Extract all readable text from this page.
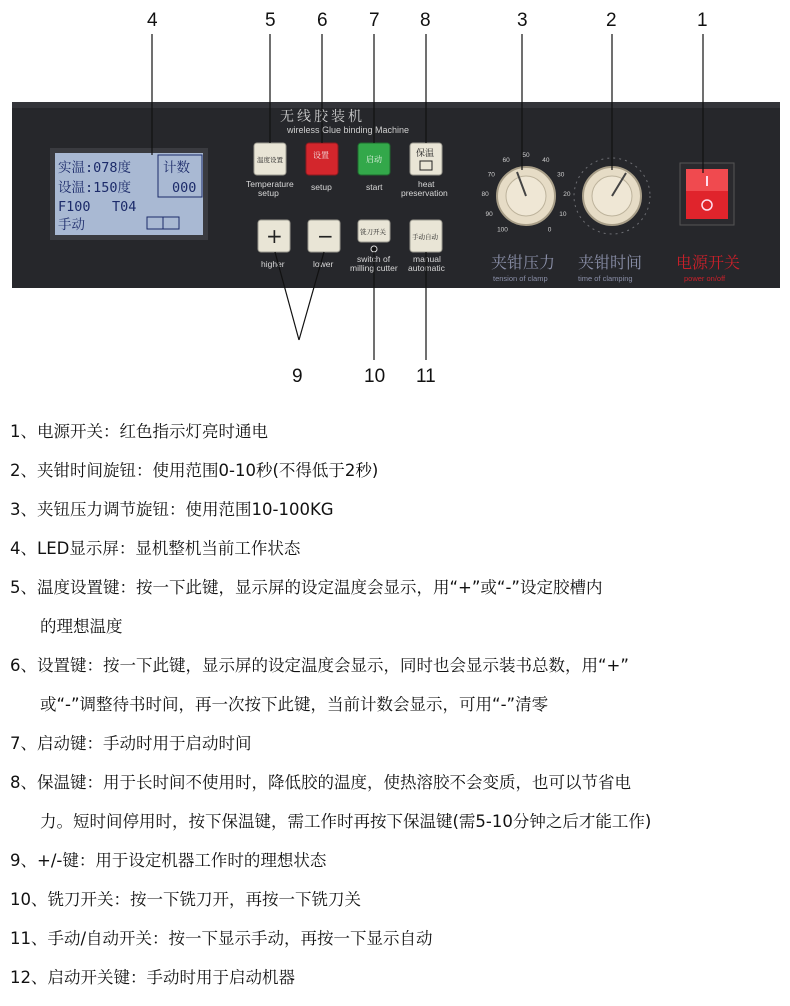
4	5 6 7 8	3	2	1
9	10 11
无线胶装机
wireless Glue binding Machine
实温:078度 计数
设温:150度	000
F100 T04
手动
温度设置
Temperature
setup
设置
setup
启动
start
保温
heat
preservation
+
higher
−
lower
铣刀开关
switch of
milling cutter
手动自动
manual
automatic
100
90
80
70
60
50
40
30
20
10
0
夹钳压力
tension of clamp
夹钳时间
time of clamping
电源开关
power on/off
1、电源开关：红色指示灯亮时通电
2、夹钳时间旋钮：使用范围0-10秒(不得低于2秒)
3、夹钮压力调节旋钮：使用范围10-100KG
4、LED显示屏：显机整机当前工作状态
5、温度设置键：按一下此键，显示屏的设定温度会显示，用“+”或“-”设定胶槽内
的理想温度
6、设置键：按一下此键，显示屏的设定温度会显示，同时也会显示装书总数，用“+”
或“-”调整待书时间，再一次按下此键，当前计数会显示，可用“-”清零
7、启动键：手动时用于启动时间
8、保温键：用于长时间不使用时，降低胶的温度，使热溶胶不会变质，也可以节省电
力。短时间停用时，按下保温键，需工作时再按下保温键(需5-10分钟之后才能工作)
9、+/-键：用于设定机器工作时的理想状态
10、铣刀开关：按一下铣刀开，再按一下铣刀关
11、手动/自动开关：按一下显示手动，再按一下显示自动
12、启动开关键：手动时用于启动机器
